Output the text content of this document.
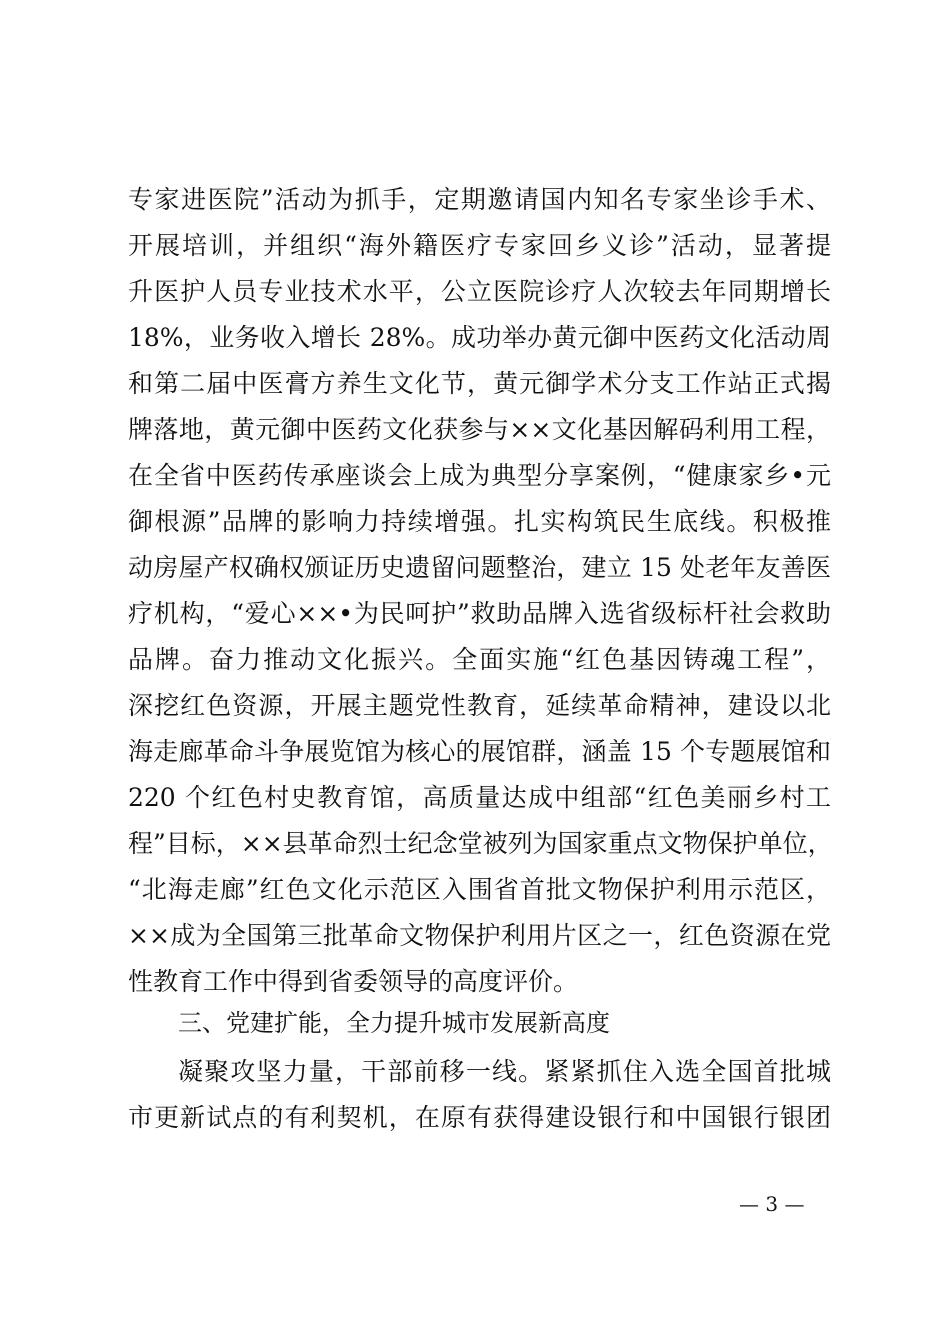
专家进医院”活动为抓手，定期邀请国内知名专家坐诊手术、
开展培训，并组织“海外籍医疗专家回乡义诊”活动，显著提
升医护人员专业技术水平，公立医院诊疗人次较去年同期增长
18%，业务收入增长 28%。成功举办黄元御中医药文化活动周
和第二届中医膏方养生文化节，黄元御学术分支工作站正式揭
牌落地，黄元御中医药文化获参与××文化基因解码利用工程，
在全省中医药传承座谈会上成为典型分享案例，“健康家乡•元
御根源”品牌的影响力持续增强。扎实构筑民生底线。积极推
动房屋产权确权颁证历史遗留问题整治，建立 15 处老年友善医
疗机构，“爱心××•为民呵护”救助品牌入选省级标杆社会救助
品牌。奋力推动文化振兴。全面实施“红色基因铸魂工程”，
深挖红色资源，开展主题党性教育，延续革命精神，建设以北
海走廊革命斗争展览馆为核心的展馆群，涵盖 15 个专题展馆和
220 个红色村史教育馆，高质量达成中组部“红色美丽乡村工
程”目标，××县革命烈士纪念堂被列为国家重点文物保护单位，
“北海走廊”红色文化示范区入围省首批文物保护利用示范区，
××成为全国第三批革命文物保护利用片区之一，红色资源在党
性教育工作中得到省委领导的高度评价。
三、党建扩能，全力提升城市发展新高度
凝聚攻坚力量，干部前移一线。紧紧抓住入选全国首批城
市更新试点的有利契机，在原有获得建设银行和中国银行银团
— 3 —
